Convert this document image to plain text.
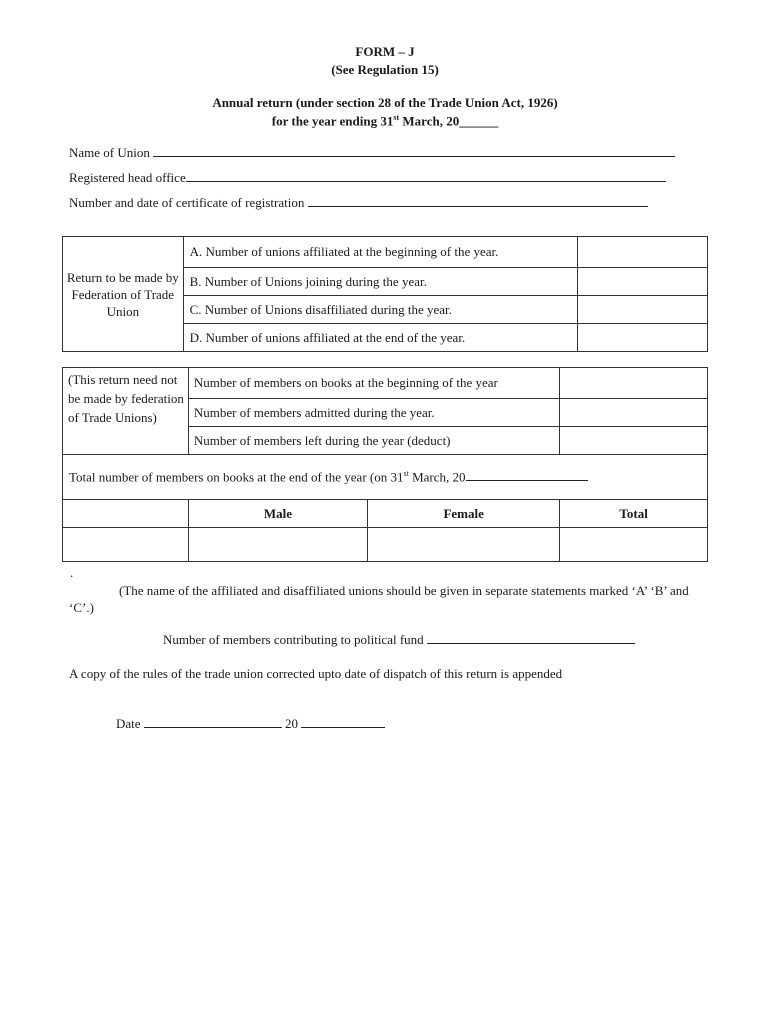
FORM – J
(See Regulation 15)
Annual return (under section 28 of the Trade Union Act, 1926)
for the year ending 31st March, 20______
Name of Union
Registered head office
Number and date of certificate of registration
Return to be made by Federation of Trade Union	A. Number of unions affiliated at the beginning of the year.	
	B. Number of Unions joining during the year.	
	C. Number of Unions disaffiliated during the year.	
	D. Number of unions affiliated at the end of the year.	
(This return need not be made by federation of Trade Unions)	Number of members on books at the beginning of the year		
	Number of members admitted during the year.		
	Number of members left during the year (deduct)		
Total number of members on books at the end of the year (on 31st March, 20			
	Male	Female	Total

.
(The name of the affiliated and disaffiliated unions should be given in separate statements marked ‘A’ ‘B’ and ‘C’.)
Number of members contributing to political fund
A copy of the rules of the trade union corrected upto date of dispatch of this return is appended
Date	20
